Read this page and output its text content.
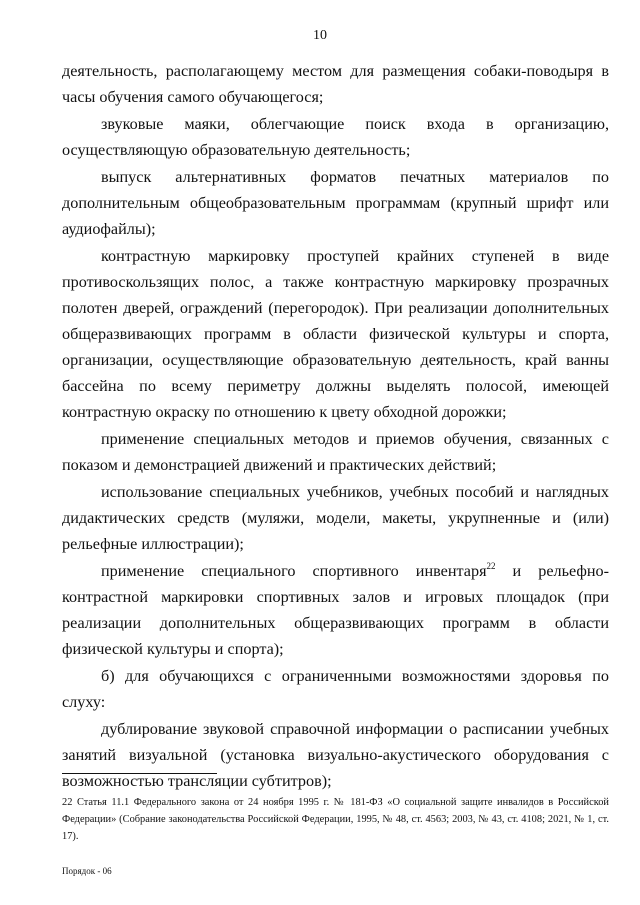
10

деятельность, располагающему местом для размещения собаки-поводыря в часы обучения самого обучающегося;

звуковые маяки, облегчающие поиск входа в организацию, осуществляющую образовательную деятельность;

выпуск альтернативных форматов печатных материалов по дополнительным общеобразовательным программам (крупный шрифт или аудиофайлы);

контрастную маркировку проступей крайних ступеней в виде противоскользящих полос, а также контрастную маркировку прозрачных полотен дверей, ограждений (перегородок). При реализации дополнительных общеразвивающих программ в области физической культуры и спорта, организации, осуществляющие образовательную деятельность, край ванны бассейна по всему периметру должны выделять полосой, имеющей контрастную окраску по отношению к цвету обходной дорожки;

применение специальных методов и приемов обучения, связанных с показом и демонстрацией движений и практических действий;

использование специальных учебников, учебных пособий и наглядных дидактических средств (муляжи, модели, макеты, укрупненные и (или) рельефные иллюстрации);

применение специального спортивного инвентаря$^{22}$ и рельефно-контрастной маркировки спортивных залов и игровых площадок (при реализации дополнительных общеразвивающих программ в области физической культуры и спорта);

б) для обучающихся с ограниченными возможностями здоровья по слуху:

дублирование звуковой справочной информации о расписании учебных занятий визуальной (установка визуально-акустического оборудования с возможностью трансляции субтитров);

22 Статья 11.1 Федерального закона от 24 ноября 1995 г. № 181-ФЗ «О социальной защите инвалидов в Российской Федерации» (Собрание законодательства Российской Федерации, 1995, № 48, ст. 4563; 2003, № 43, ст. 4108; 2021, № 1, ст. 17).
Порядок - 06
